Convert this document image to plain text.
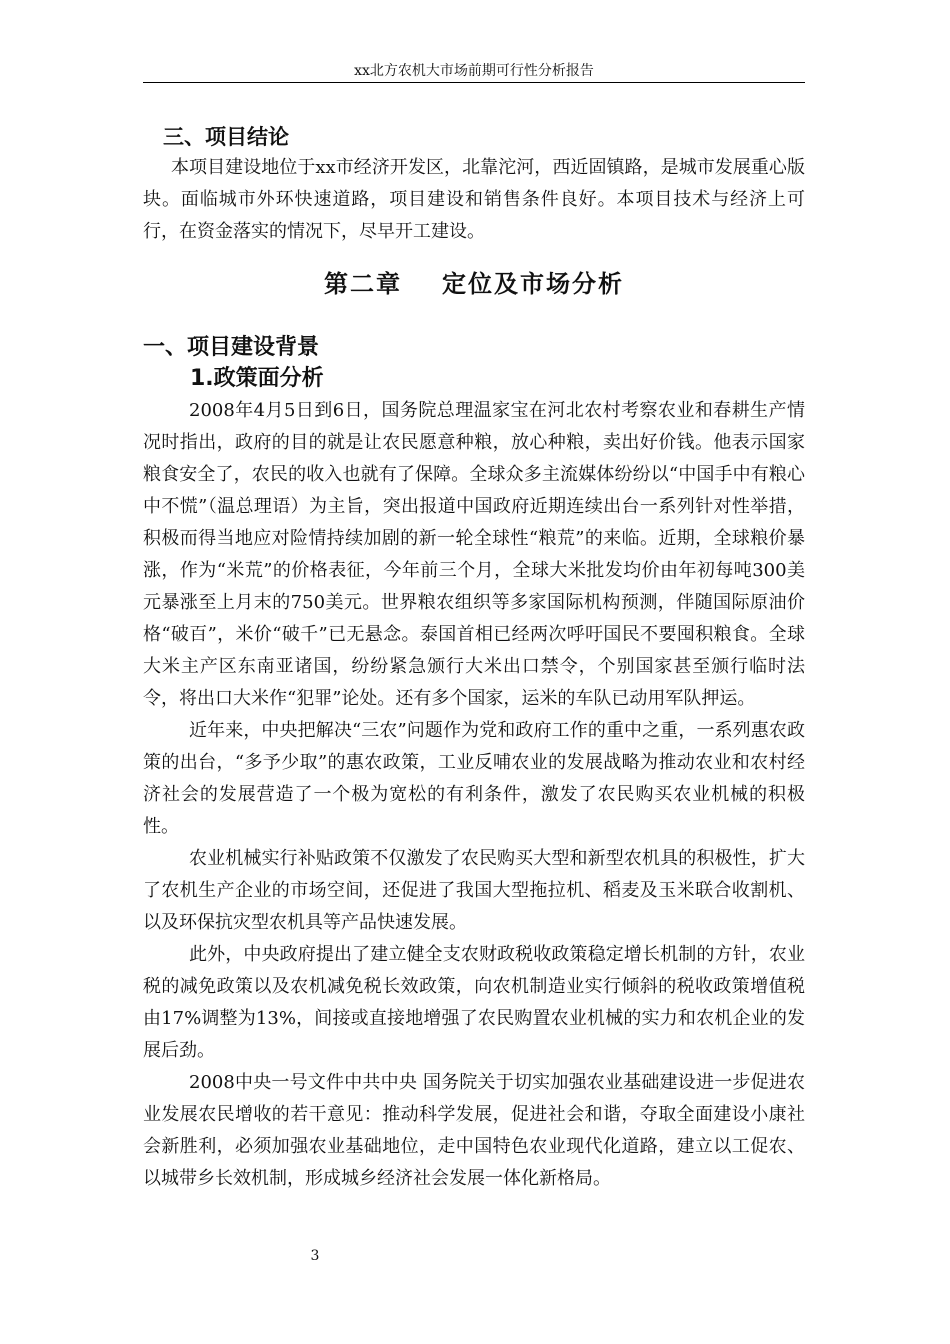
xx北方农机大市场前期可行性分析报告
三、项目结论

本项目建设地位于xx市经济开发区，北靠沱河，西近固镇路，是城市发展重心版块。面临城市外环快速道路，项目建设和销售条件良好。本项目技术与经济上可行，在资金落实的情况下，尽早开工建设。

第二章 定位及市场分析
一、项目建设背景
1.政策面分析

2008年4月5日到6日，国务院总理温家宝在河北农村考察农业和春耕生产情况时指出，政府的目的就是让农民愿意种粮，放心种粮，卖出好价钱。他表示国家粮食安全了，农民的收入也就有了保障。全球众多主流媒体纷纷以“中国手中有粮心中不慌”（温总理语）为主旨，突出报道中国政府近期连续出台一系列针对性举措，积极而得当地应对险情持续加剧的新一轮全球性“粮荒”的来临。近期，全球粮价暴涨，作为“米荒”的价格表征，今年前三个月，全球大米批发均价由年初每吨300美元暴涨至上月末的750美元。世界粮农组织等多家国际机构预测，伴随国际原油价格“破百”，米价“破千”已无悬念。泰国首相已经两次呼吁国民不要囤积粮食。全球大米主产区东南亚诸国，纷纷紧急颁行大米出口禁令，个别国家甚至颁行临时法令，将出口大米作“犯罪”论处。还有多个国家，运米的车队已动用军队押运。

近年来，中央把解决“三农”问题作为党和政府工作的重中之重，一系列惠农政策的出台，“多予少取”的惠农政策，工业反哺农业的发展战略为推动农业和农村经济社会的发展营造了一个极为宽松的有利条件，激发了农民购买农业机械的积极性。

农业机械实行补贴政策不仅激发了农民购买大型和新型农机具的积极性，扩大了农机生产企业的市场空间，还促进了我国大型拖拉机、稻麦及玉米联合收割机、以及环保抗灾型农机具等产品快速发展。

此外，中央政府提出了建立健全支农财政税收政策稳定增长机制的方针，农业税的减免政策以及农机减免税长效政策，向农机制造业实行倾斜的税收政策增值税由17%调整为13%，间接或直接地增强了农民购置农业机械的实力和农机企业的发展后劲。

2008中央一号文件中共中央 国务院关于切实加强农业基础建设进一步促进农业发展农民增收的若干意见：推动科学发展，促进社会和谐，夺取全面建设小康社会新胜利，必须加强农业基础地位，走中国特色农业现代化道路，建立以工促农、以城带乡长效机制，形成城乡经济社会发展一体化新格局。

3
